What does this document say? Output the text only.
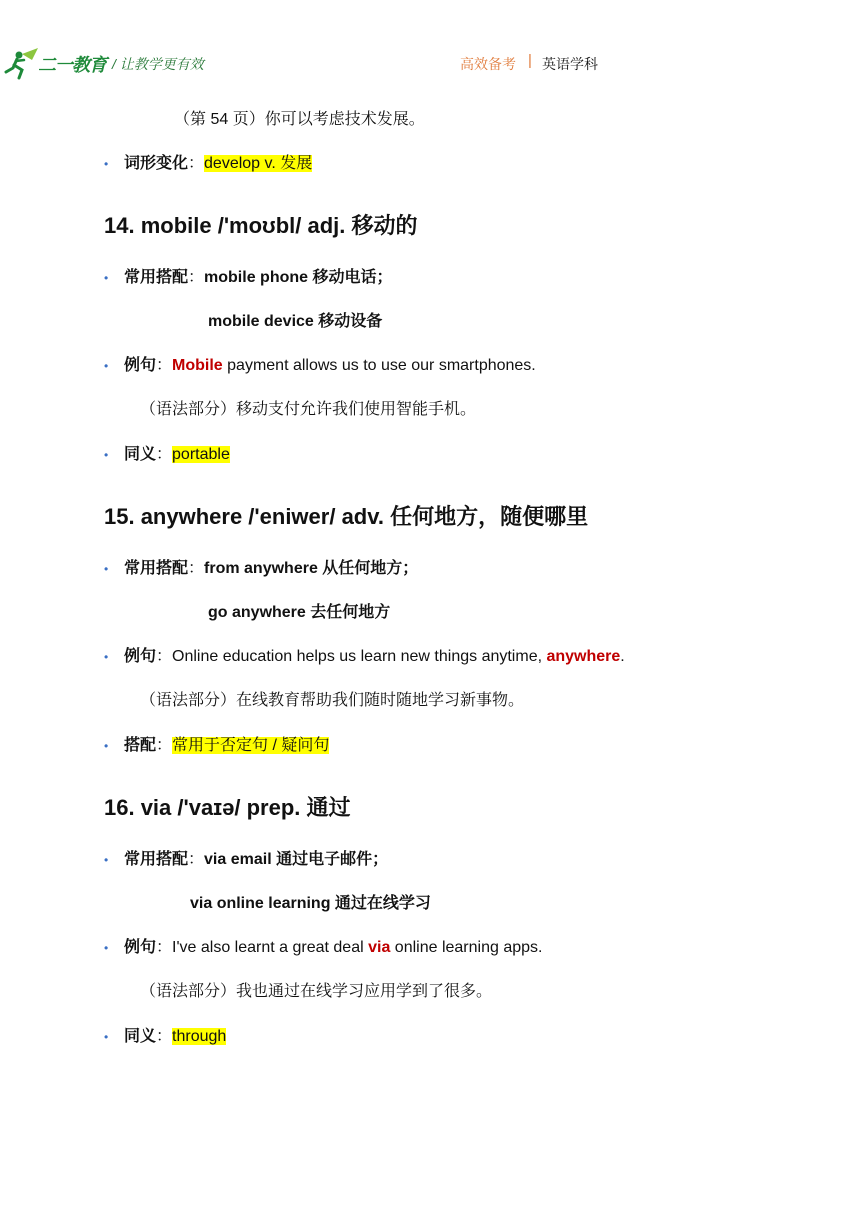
二一教育 / 让教学更有效	高效备考 | 英语学科
（第 54 页）你可以考虑技术发展。
• 词形变化：develop v. 发展
14. mobile /'moʊbl/ adj. 移动的
• 常用搭配：mobile phone 移动电话；
mobile device 移动设备
• 例句：Mobile payment allows us to use our smartphones.
（语法部分）移动支付允许我们使用智能手机。
• 同义：portable
15. anywhere /'eniwer/ adv. 任何地方，随便哪里
• 常用搭配：from anywhere 从任何地方；
go anywhere 去任何地方
• 例句：Online education helps us learn new things anytime, anywhere.
（语法部分）在线教育帮助我们随时随地学习新事物。
• 搭配：常用于否定句 / 疑问句
16. via /'vaɪə/ prep. 通过
• 常用搭配：via email 通过电子邮件；
via online learning 通过在线学习
• 例句：I've also learnt a great deal via online learning apps.
（语法部分）我也通过在线学习应用学到了很多。
• 同义：through
